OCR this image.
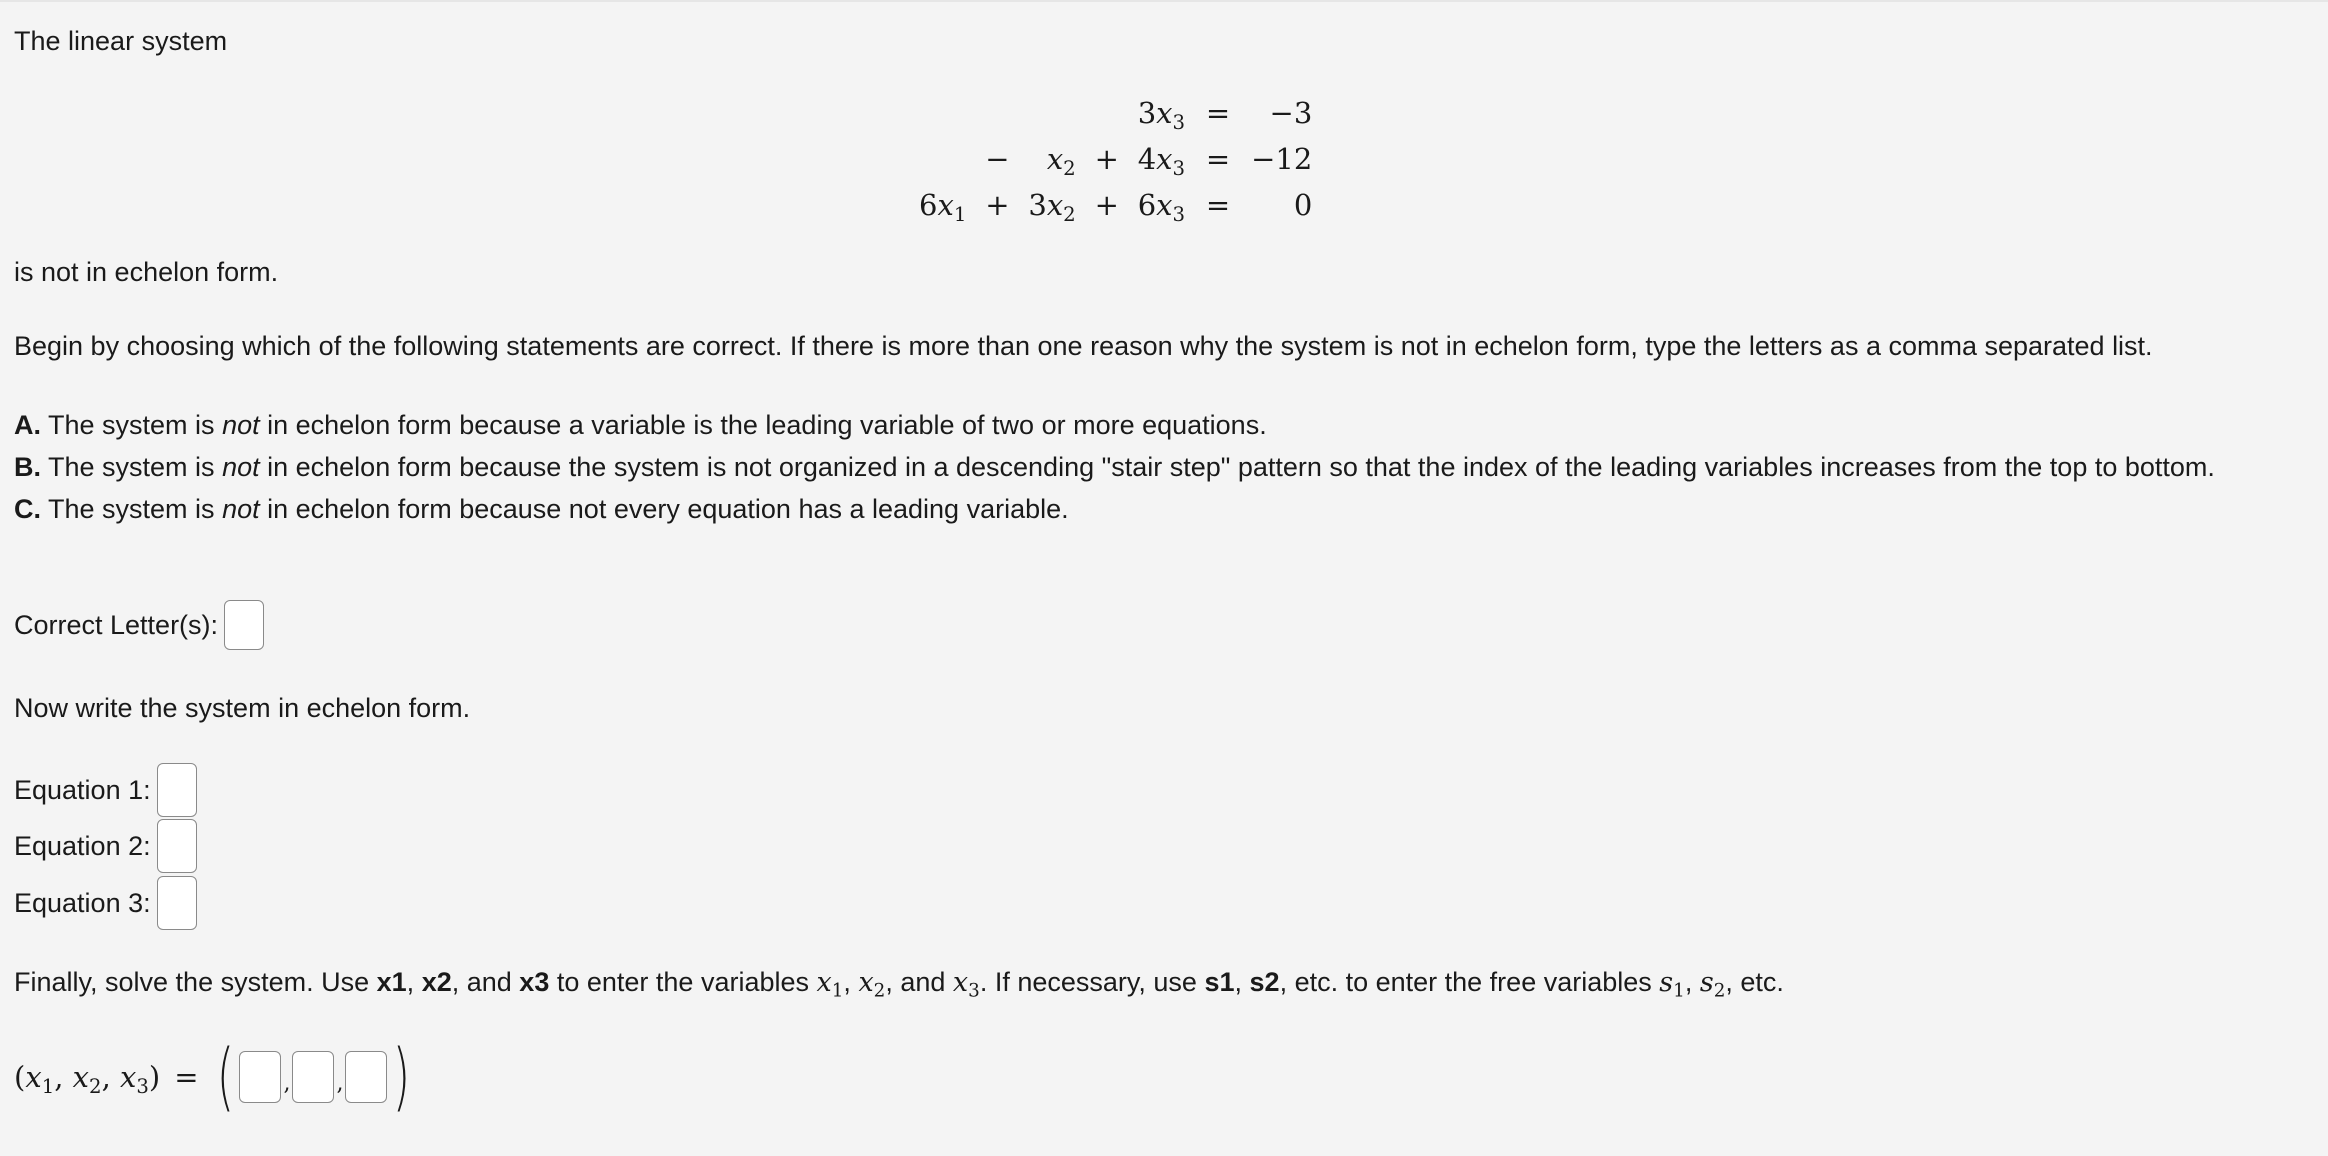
The linear system

				$3x_3$	=	−3
	−	$x_2$	+	$4x_3$	=	−12
$6x_1$	+	$3x_2$	+	$6x_3$	=	0

is not in echelon form.

Begin by choosing which of the following statements are correct. If there is more than one reason why the system is not in echelon form, type the letters as a comma separated list.

A. The system is not in echelon form because a variable is the leading variable of two or more equations.
B. The system is not in echelon form because the system is not organized in a descending "stair step" pattern so that the index of the leading variables increases from the top to bottom.
C. The system is not in echelon form because not every equation has a leading variable.
Correct Letter(s):

Now write the system in echelon form.

Equation 1:
Equation 2:
Equation 3:

Finally, solve the system. Use x1, x2, and x3 to enter the variables $x_1$, $x_2$, and $x_3$. If necessary, use s1, s2, etc. to enter the free variables $s_1$, $s_2$, etc.

($x_1$, $x_2$, $x_3$) = ( , , )
